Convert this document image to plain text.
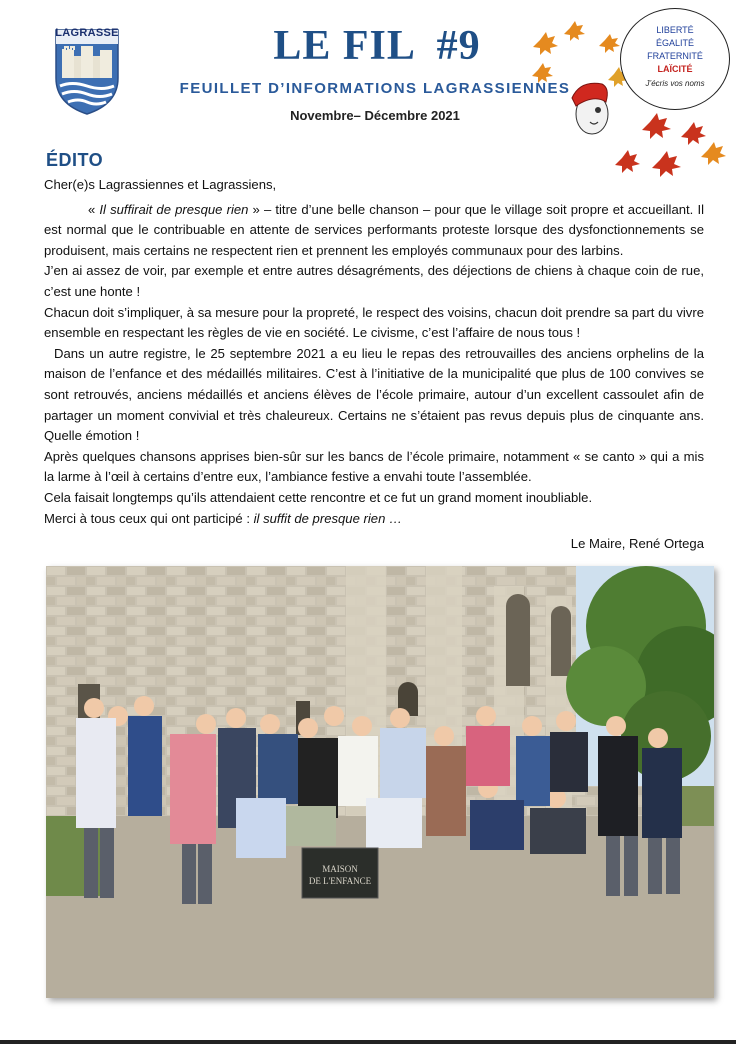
LAGRASSE	LE FIL  #9
FEUILLET D’INFORMATIONS LAGRASSIENNES
Novembre– Décembre 2021
LIBERTÉ
ÉGALITÉ
FRATERNITÉ
LAÏCITÉ
J’écris vos noms
ÉDITO

Cher(e)s Lagrassiennes et Lagrassiens,

« Il suffirait de presque rien » – titre d’une belle chanson – pour que le village soit propre et accueillant. Il est normal que le contribuable en attente de services performants proteste lorsque des dysfonctionnements se produisent, mais certains ne respectent rien et prennent les employés communaux pour des larbins.

J’en ai assez de voir, par exemple et entre autres désagréments, des déjections de chiens à chaque coin de rue, c’est une honte !

Chacun doit s’impliquer, à sa mesure pour la propreté, le respect des voisins, chacun doit prendre sa part du vivre ensemble en respectant les règles de vie en société. Le civisme, c’est l’affaire de nous tous !

Dans un autre registre, le 25 septembre 2021 a eu lieu le repas des retrouvailles des anciens orphelins de la maison de l’enfance et des médaillés militaires. C’est à l’initiative de la municipalité que plus de 100 convives se sont retrouvés, anciens médaillés et anciens élèves de l’école primaire, autour d’un excellent cassoulet afin de partager un moment convivial et très chaleureux. Certains ne s’étaient pas revus depuis plus de cinquante ans. Quelle émotion !

Après quelques chansons apprises bien-sûr sur les bancs de l’école primaire, notamment « se canto » qui a mis la larme à l’œil à certains d’entre eux, l’ambiance festive a envahi toute l’assemblée.

Cela faisait longtemps qu’ils attendaient cette rencontre et ce fut un grand moment inoubliable.

Merci à tous ceux qui ont participé : il suffit de presque rien …

Le Maire, René Ortega

MAISON
DE L'ENFANCE
